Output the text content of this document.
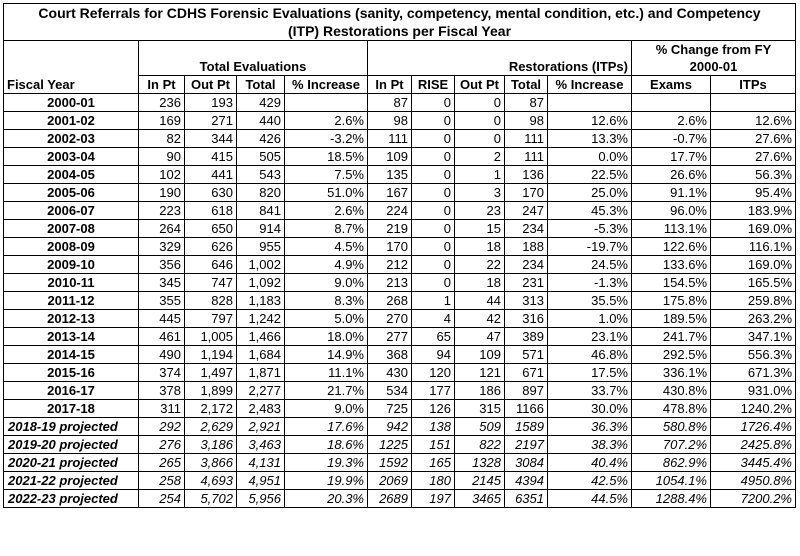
Court Referrals for CDHS Forensic Evaluations (sanity, competency, mental condition, etc.) and Competency											
(ITP) Restorations per Fiscal Year											
	Total Evaluations				Restorations (ITPs)					% Change from FY	
										2000-01	
Fiscal Year	In Pt	Out Pt	Total	% Increase	In Pt	RISE	Out Pt	Total	% Increase	Exams	ITPs
2000-01	236	193	429		87	0	0	87			
2001-02	169	271	440	2.6%	98	0	0	98	12.6%	2.6%	12.6%
2002-03	82	344	426	-3.2%	111	0	0	111	13.3%	-0.7%	27.6%
2003-04	90	415	505	18.5%	109	0	2	111	0.0%	17.7%	27.6%
2004-05	102	441	543	7.5%	135	0	1	136	22.5%	26.6%	56.3%
2005-06	190	630	820	51.0%	167	0	3	170	25.0%	91.1%	95.4%
2006-07	223	618	841	2.6%	224	0	23	247	45.3%	96.0%	183.9%
2007-08	264	650	914	8.7%	219	0	15	234	-5.3%	113.1%	169.0%
2008-09	329	626	955	4.5%	170	0	18	188	-19.7%	122.6%	116.1%
2009-10	356	646	1,002	4.9%	212	0	22	234	24.5%	133.6%	169.0%
2010-11	345	747	1,092	9.0%	213	0	18	231	-1.3%	154.5%	165.5%
2011-12	355	828	1,183	8.3%	268	1	44	313	35.5%	175.8%	259.8%
2012-13	445	797	1,242	5.0%	270	4	42	316	1.0%	189.5%	263.2%
2013-14	461	1,005	1,466	18.0%	277	65	47	389	23.1%	241.7%	347.1%
2014-15	490	1,194	1,684	14.9%	368	94	109	571	46.8%	292.5%	556.3%
2015-16	374	1,497	1,871	11.1%	430	120	121	671	17.5%	336.1%	671.3%
2016-17	378	1,899	2,277	21.7%	534	177	186	897	33.7%	430.8%	931.0%
2017-18	311	2,172	2,483	9.0%	725	126	315	1166	30.0%	478.8%	1240.2%
2018-19 projected	292	2,629	2,921	17.6%	942	138	509	1589	36.3%	580.8%	1726.4%
2019-20 projected	276	3,186	3,463	18.6%	1225	151	822	2197	38.3%	707.2%	2425.8%
2020-21 projected	265	3,866	4,131	19.3%	1592	165	1328	3084	40.4%	862.9%	3445.4%
2021-22 projected	258	4,693	4,951	19.9%	2069	180	2145	4394	42.5%	1054.1%	4950.8%
2022-23 projected	254	5,702	5,956	20.3%	2689	197	3465	6351	44.5%	1288.4%	7200.2%
